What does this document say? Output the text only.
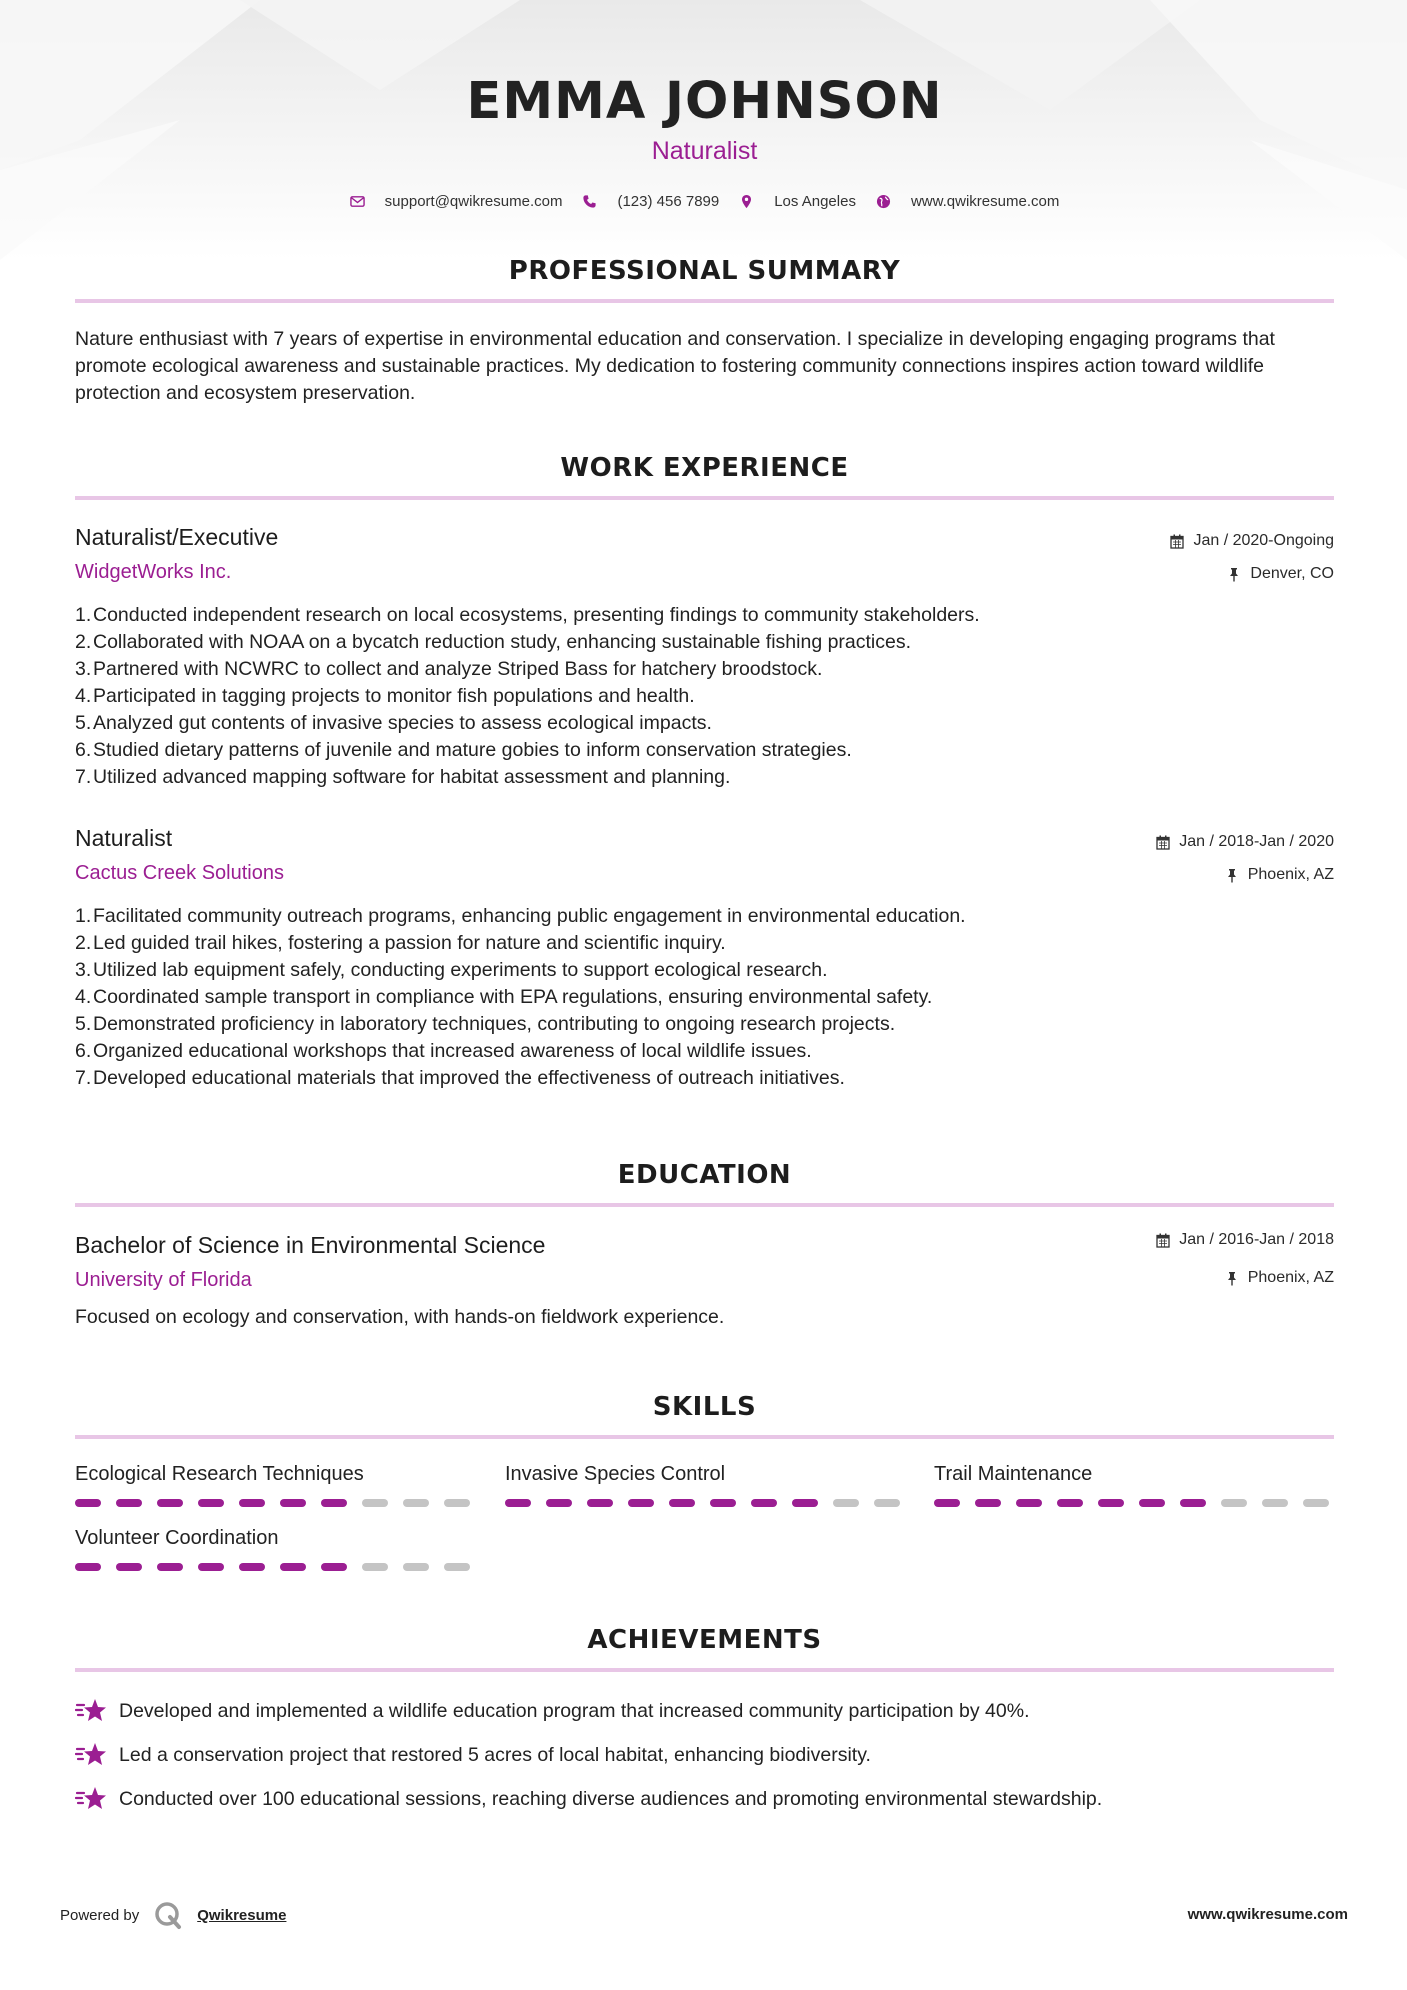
EMMA JOHNSON
Naturalist
support@qwikresume.com	(123) 456 7899	Los Angeles	www.qwikresume.com
PROFESSIONAL SUMMARY
Nature enthusiast with 7 years of expertise in environmental education and conservation. I specialize in developing engaging programs that promote ecological awareness and sustainable practices. My dedication to fostering community connections inspires action toward wildlife protection and ecosystem preservation.
WORK EXPERIENCE
Naturalist/Executive
WidgetWorks Inc.
Jan / 2020-Ongoing
Denver, CO
1.Conducted independent research on local ecosystems, presenting findings to community stakeholders.
2.Collaborated with NOAA on a bycatch reduction study, enhancing sustainable fishing practices.
3.Partnered with NCWRC to collect and analyze Striped Bass for hatchery broodstock.
4.Participated in tagging projects to monitor fish populations and health.
5.Analyzed gut contents of invasive species to assess ecological impacts.
6.Studied dietary patterns of juvenile and mature gobies to inform conservation strategies.
7.Utilized advanced mapping software for habitat assessment and planning.
Naturalist
Cactus Creek Solutions
Jan / 2018-Jan / 2020
Phoenix, AZ
1.Facilitated community outreach programs, enhancing public engagement in environmental education.
2.Led guided trail hikes, fostering a passion for nature and scientific inquiry.
3.Utilized lab equipment safely, conducting experiments to support ecological research.
4.Coordinated sample transport in compliance with EPA regulations, ensuring environmental safety.
5.Demonstrated proficiency in laboratory techniques, contributing to ongoing research projects.
6.Organized educational workshops that increased awareness of local wildlife issues.
7.Developed educational materials that improved the effectiveness of outreach initiatives.
EDUCATION
Bachelor of Science in Environmental Science
University of Florida
Jan / 2016-Jan / 2018
Phoenix, AZ
Focused on ecology and conservation, with hands-on fieldwork experience.
SKILLS
Ecological Research Techniques	Invasive Species Control	Trail Maintenance
Volunteer Coordination
ACHIEVEMENTS
Developed and implemented a wildlife education program that increased community participation by 40%.
Led a conservation project that restored 5 acres of local habitat, enhancing biodiversity.
Conducted over 100 educational sessions, reaching diverse audiences and promoting environmental stewardship.
Powered by	Qwikresume	www.qwikresume.com
